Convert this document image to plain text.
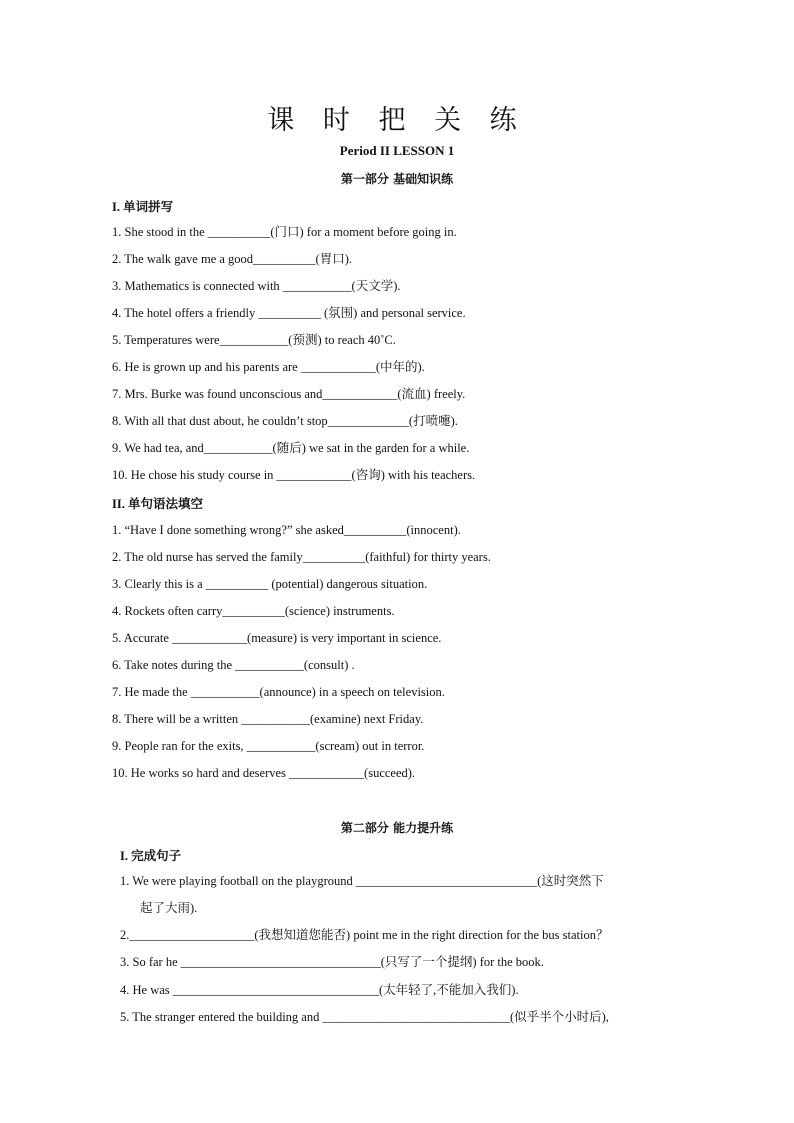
课 时 把 关 练
Period II LESSON 1
第一部分 基础知识练
I. 单词拼写
1. She stood in the __________(门口) for a moment before going in.
2. The walk gave me a good__________(胃口).
3. Mathematics is connected with ___________(天文学).
4. The hotel offers a friendly __________ (氛围) and personal service.
5. Temperatures were___________(预测) to reach 40˚C.
6. He is grown up and his parents are ____________(中年的).
7. Mrs. Burke was found unconscious and____________(流血) freely.
8. With all that dust about, he couldn’t stop_____________(打喷嚏).
9. We had tea, and___________(随后) we sat in the garden for a while.
10. He chose his study course in ____________(咨询) with his teachers.
II. 单句语法填空
1. “Have I done something wrong?” she asked__________(innocent).
2. The old nurse has served the family__________(faithful) for thirty years.
3. Clearly this is a __________ (potential) dangerous situation.
4. Rockets often carry__________(science) instruments.
5. Accurate ____________(measure) is very important in science.
6. Take notes during the ___________(consult) .
7. He made the ___________(announce) in a speech on television.
8. There will be a written ___________(examine) next Friday.
9. People ran for the exits, ___________(scream) out in terror.
10. He works so hard and deserves ____________(succeed).
第二部分 能力提升练
I. 完成句子
1. We were playing football on the playground _____________________________(这时突然下
起了大雨).
2.____________________(我想知道您能否) point me in the right direction for the bus station？
3. So far he ________________________________(只写了一个提纲) for the book.
4. He was _________________________________(太年轻了,不能加入我们).
5. The stranger entered the building and ______________________________(似乎半个小时后),
